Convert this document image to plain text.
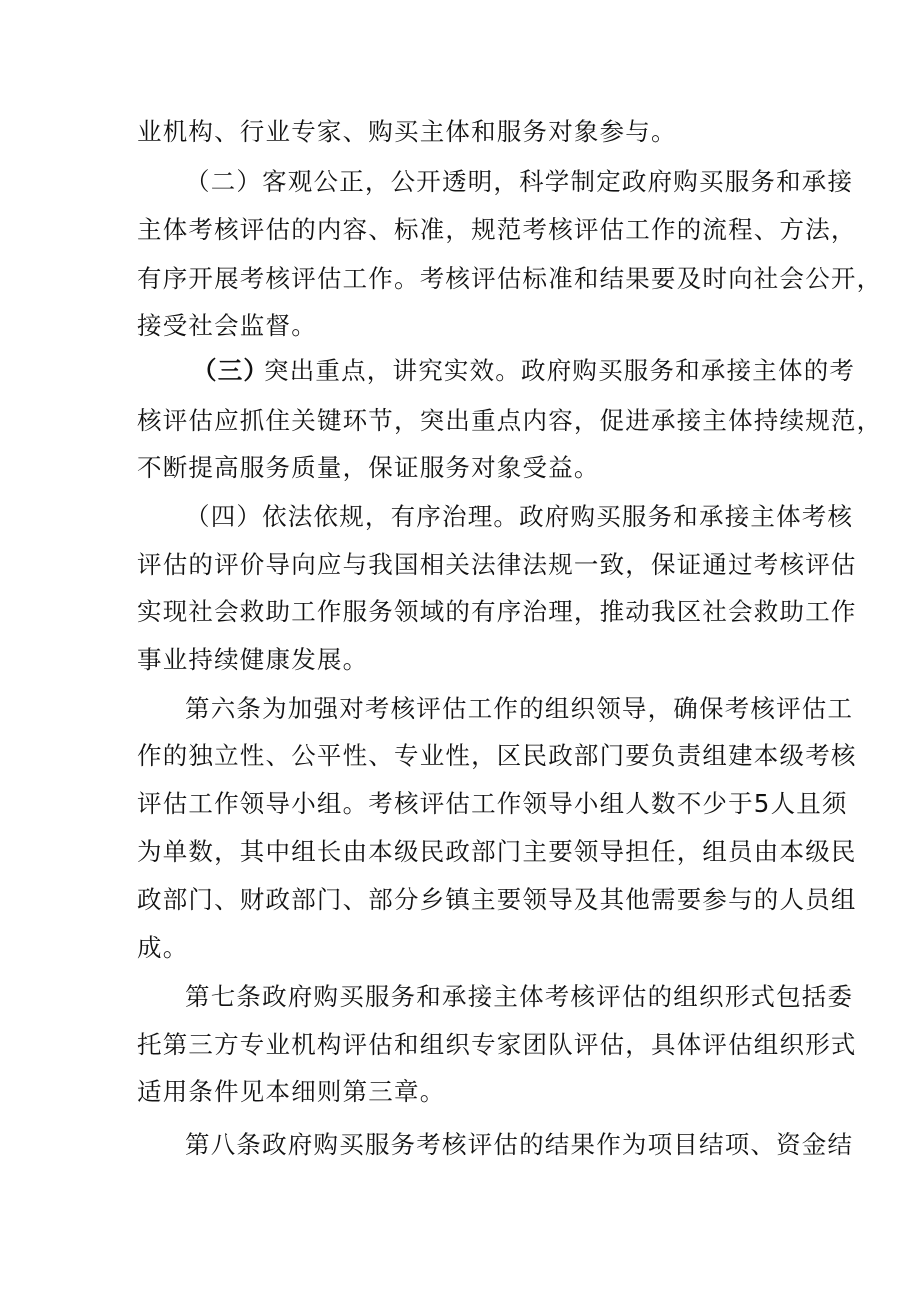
业机构、行业专家、购买主体和服务对象参与。
（二）客观公正，公开透明，科学制定政府购买服务和承接
主体考核评估的内容、标准，规范考核评估工作的流程、方法，
有序开展考核评估工作。考核评估标准和结果要及时向社会公开，
接受社会监督。
（三）
突出重点，讲究实效。政府购买服务和承接主体的考
核评估应抓住关键环节，突出重点内容，促进承接主体持续规范，
不断提高服务质量，保证服务对象受益。
（四）依法依规，有序治理。政府购买服务和承接主体考核
评估的评价导向应与我国相关法律法规一致，保证通过考核评估
实现社会救助工作服务领域的有序治理，推动我区社会救助工作
事业持续健康发展。
第六条为加强对考核评估工作的组织领导，确保考核评估工
作的独立性、公平性、专业性，区民政部门要负责组建本级考核
评估工作领导小组。考核评估工作领导小组人数不少于5人且须
为单数，其中组长由本级民政部门主要领导担任，组员由本级民
政部门、财政部门、部分乡镇主要领导及其他需要参与的人员组
成。
第七条政府购买服务和承接主体考核评估的组织形式包括委
托第三方专业机构评估和组织专家团队评估，具体评估组织形式
适用条件见本细则第三章。
第八条政府购买服务考核评估的结果作为项目结项、资金结
